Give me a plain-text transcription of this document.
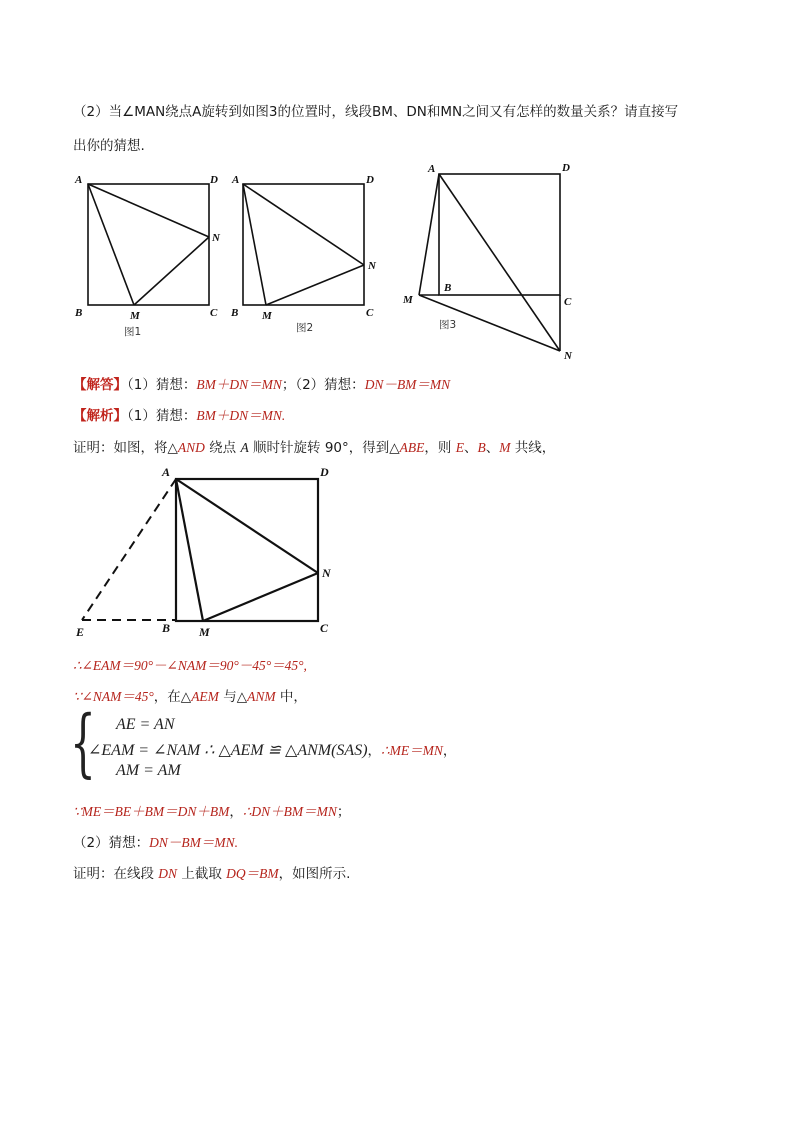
（2）当∠MAN绕点A旋转到如图3的位置时，线段BM、DN和MN之间又有怎样的数量关系？请直接写
出你的猜想.
A	D
N
B	M	C
图1
A	D
N
B M	C
图2
A	D
B
M	C
N
图3
【解答】（1）猜想：BM＋DN＝MN；（2）猜想：DN－BM＝MN
【解析】（1）猜想：BM＋DN＝MN.
证明：如图，将△AND 绕点 A 顺时针旋转 90°，得到△ABE，则 E、B、M 共线，
A	D
N
E	B M	C
∴∠EAM＝90°－∠NAM＝90°－45°＝45°,
∵∠NAM＝45°，在△AEM 与△ANM 中，
{ AE = AN
∠EAM = ∠NAM ∴ △AEM ≌ △ANM(SAS)，∴ME＝MN，
AM = AM
∵ME＝BE＋BM＝DN＋BM，∴DN＋BM＝MN；
（2）猜想：DN－BM＝MN.
证明：在线段 DN 上截取 DQ＝BM，如图所示.
